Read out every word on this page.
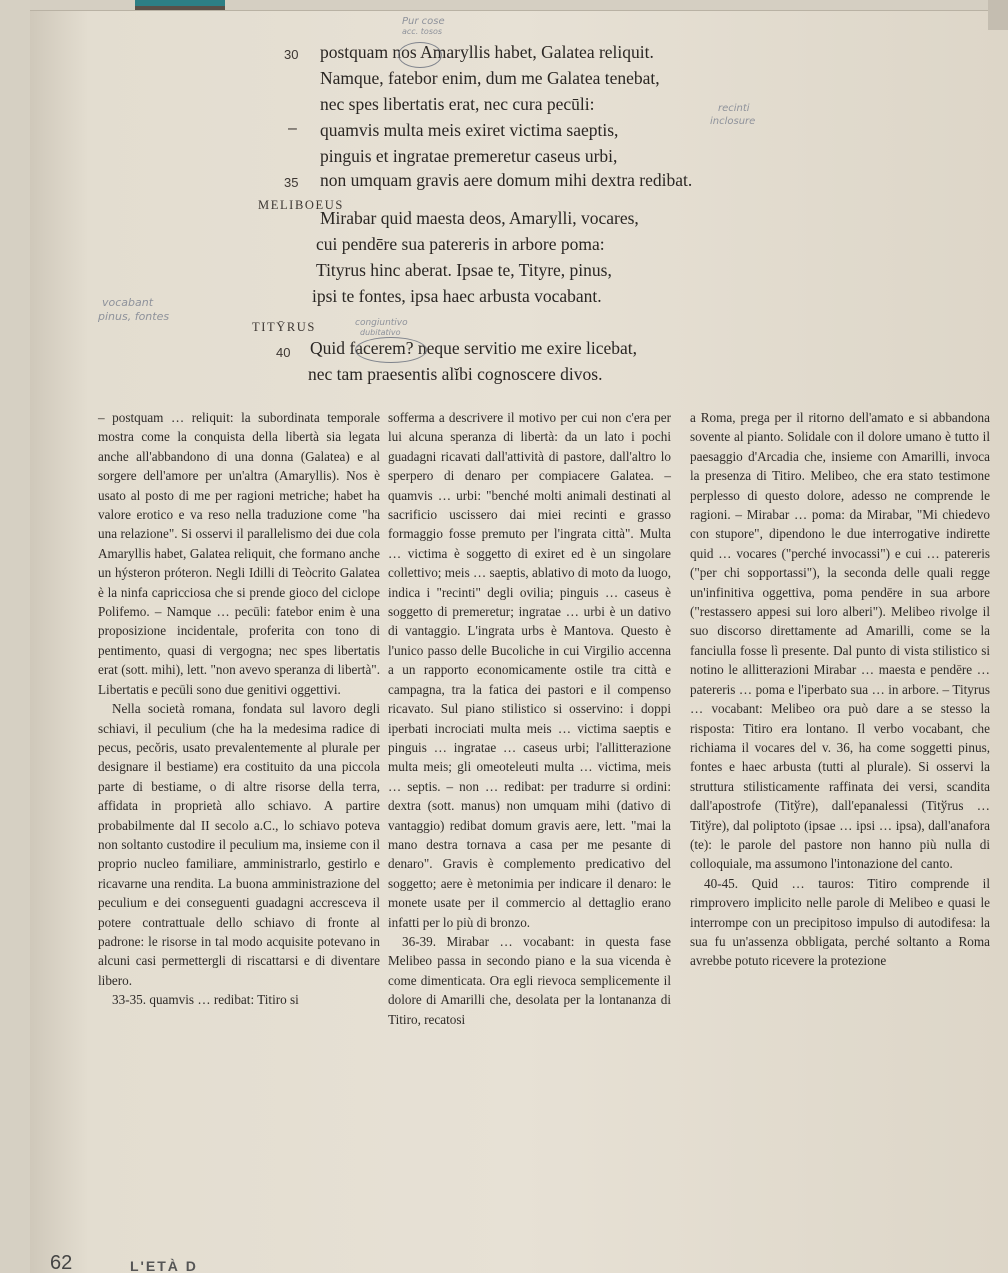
30 postquam nos Amaryllis habet, Galatea reliquit.
Namque, fatebor enim, dum me Galatea tenebat,
nec spes libertatis erat, nec cura pecūli:
– quamvis multa meis exiret victima saeptis,
pinguis et ingratae premeretur caseus urbi,
35 non umquam gravis aere domum mihi dextra redibat.
MELIBOEUS
Mirabar quid maesta deos, Amarylli, vocares,
cui pendēre sua patereris in arbore poma:
Tityrus hinc aberat. Ipsae te, Tityre, pinus,
ipsi te fontes, ipsa haec arbusta vocabant.
TITȲRUS
40 Quid facerem? neque servitio me exire licebat,
nec tam praesentis alĭbi cognoscere divos.
Pur cose
acc. tosos
recinti
inclosure
vocabant
pinus, fontes	congiuntivo
dubitativo

– postquam … reliquit: la subordinata temporale mostra come la conquista della libertà sia legata anche all'abbandono di una donna (Galatea) e al sorgere dell'amore per un'altra (Amaryllis). Nos è usato al posto di me per ragioni metriche; habet ha valore erotico e va reso nella traduzione come "ha una relazione". Si osservi il parallelismo dei due cola Amaryllis habet, Galatea reliquit, che formano anche un hýsteron próteron. Negli Idilli di Teòcrito Galatea è la ninfa capricciosa che si prende gioco del ciclope Polifemo. – Namque … pecūli: fatebor enim è una proposizione incidentale, proferita con tono di pentimento, quasi di vergogna; nec spes libertatis erat (sott. mihi), lett. "non avevo speranza di libertà". Libertatis e pecūli sono due genitivi oggettivi.

Nella società romana, fondata sul lavoro degli schiavi, il peculium (che ha la medesima radice di pecus, pecŏris, usato prevalentemente al plurale per designare il bestiame) era costituito da una piccola parte di bestiame, o di altre risorse della terra, affidata in proprietà allo schiavo. A partire probabilmente dal II secolo a.C., lo schiavo poteva non soltanto custodire il peculium ma, insieme con il proprio nucleo familiare, amministrarlo, gestirlo e ricavarne una rendita. La buona amministrazione del peculium e dei conseguenti guadagni accresceva il potere contrattuale dello schiavo di fronte al padrone: le risorse in tal modo acquisite potevano in alcuni casi permettergli di riscattarsi e di diventare libero.

33-35. quamvis … redibat: Titiro si

sofferma a descrivere il motivo per cui non c'era per lui alcuna speranza di libertà: da un lato i pochi guadagni ricavati dall'attività di pastore, dall'altro lo sperpero di denaro per compiacere Galatea. – quamvis … urbi: "benché molti animali destinati al sacrificio uscissero dai miei recinti e grasso formaggio fosse premuto per l'ingrata città". Multa … victima è soggetto di exiret ed è un singolare collettivo; meis … saeptis, ablativo di moto da luogo, indica i "recinti" degli ovilia; pinguis … caseus è soggetto di premeretur; ingratae … urbi è un dativo di vantaggio. L'ingrata urbs è Mantova. Questo è l'unico passo delle Bucoliche in cui Virgilio accenna a un rapporto economicamente ostile tra città e campagna, tra la fatica dei pastori e il compenso ricavato. Sul piano stilistico si osservino: i doppi iperbati incrociati multa meis … victima saeptis e pinguis … ingratae … caseus urbi; l'allitterazione multa meis; gli omeoteleuti multa … victima, meis … septis. – non … redibat: per tradurre si ordini: dextra (sott. manus) non umquam mihi (dativo di vantaggio) redibat domum gravis aere, lett. "mai la mano destra tornava a casa per me pesante di denaro". Gravis è complemento predicativo del soggetto; aere è metonimia per indicare il denaro: le monete usate per il commercio al dettaglio erano infatti per lo più di bronzo.

36-39. Mirabar … vocabant: in questa fase Melibeo passa in secondo piano e la sua vicenda è come dimenticata. Ora egli rievoca semplicemente il dolore di Amarilli che, desolata per la lontananza di Titiro, recatosi

a Roma, prega per il ritorno dell'amato e si abbandona sovente al pianto. Solidale con il dolore umano è tutto il paesaggio d'Arcadia che, insieme con Amarilli, invoca la presenza di Titiro. Melibeo, che era stato testimone perplesso di questo dolore, adesso ne comprende le ragioni. – Mirabar … poma: da Mirabar, "Mi chiedevo con stupore", dipendono le due interrogative indirette quid … vocares ("perché invocassi") e cui … patereris ("per chi sopportassi"), la seconda delle quali regge un'infinitiva oggettiva, poma pendēre in sua arbore ("restassero appesi sui loro alberi"). Melibeo rivolge il suo discorso direttamente ad Amarilli, come se la fanciulla fosse lì presente. Dal punto di vista stilistico si notino le allitterazioni Mirabar … maesta e pendēre … patereris … poma e l'iperbato sua … in arbore. – Tityrus … vocabant: Melibeo ora può dare a se stesso la risposta: Titiro era lontano. Il verbo vocabant, che richiama il vocares del v. 36, ha come soggetti pinus, fontes e haec arbusta (tutti al plurale). Si osservi la struttura stilisticamente raffinata dei versi, scandita dall'apostrofe (Titўre), dall'epanalessi (Titўrus … Titўre), dal poliptoto (ipsae … ipsi … ipsa), dall'anafora (te): le parole del pastore non hanno più nulla di colloquiale, ma assumono l'intonazione del canto.

40-45. Quid … tauros: Titiro comprende il rimprovero implicito nelle parole di Melibeo e quasi le interrompe con un precipitoso impulso di autodifesa: la sua fu un'assenza obbligata, perché soltanto a Roma avrebbe potuto ricevere la protezione

62	L'ETÀ D
